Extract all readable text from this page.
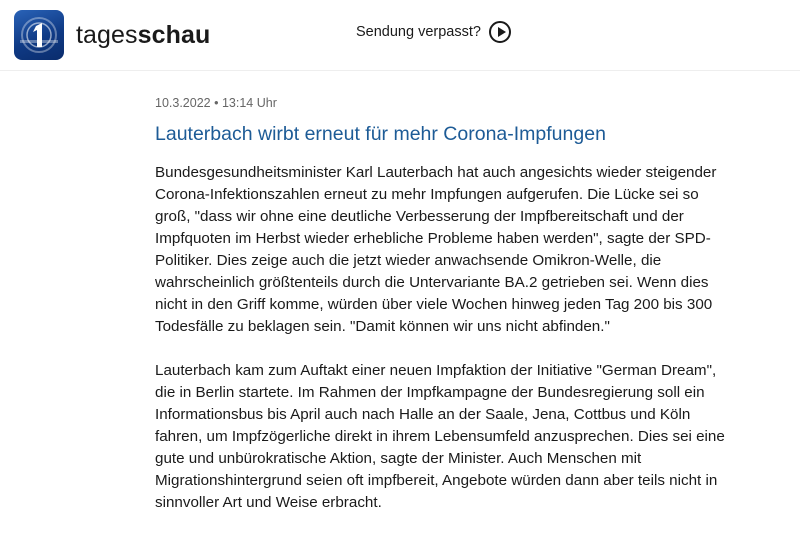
tagesschau	Sendung verpasst?
10.3.2022 • 13:14 Uhr
Lauterbach wirbt erneut für mehr Corona-Impfungen

Bundesgesundheitsminister Karl Lauterbach hat auch angesichts wieder steigender Corona-Infektionszahlen erneut zu mehr Impfungen aufgerufen. Die Lücke sei so groß, "dass wir ohne eine deutliche Verbesserung der Impfbereitschaft und der Impfquoten im Herbst wieder erhebliche Probleme haben werden", sagte der SPD-Politiker. Dies zeige auch die jetzt wieder anwachsende Omikron-Welle, die wahrscheinlich größtenteils durch die Untervariante BA.2 getrieben sei. Wenn dies nicht in den Griff komme, würden über viele Wochen hinweg jeden Tag 200 bis 300 Todesfälle zu beklagen sein. "Damit können wir uns nicht abfinden."

Lauterbach kam zum Auftakt einer neuen Impfaktion der Initiative "German Dream", die in Berlin startete. Im Rahmen der Impfkampagne der Bundesregierung soll ein Informationsbus bis April auch nach Halle an der Saale, Jena, Cottbus und Köln fahren, um Impfzögerliche direkt in ihrem Lebensumfeld anzusprechen. Dies sei eine gute und unbürokratische Aktion, sagte der Minister. Auch Menschen mit Migrationshintergrund seien oft impfbereit, Angebote würden dann aber teils nicht in sinnvoller Art und Weise erbracht.
